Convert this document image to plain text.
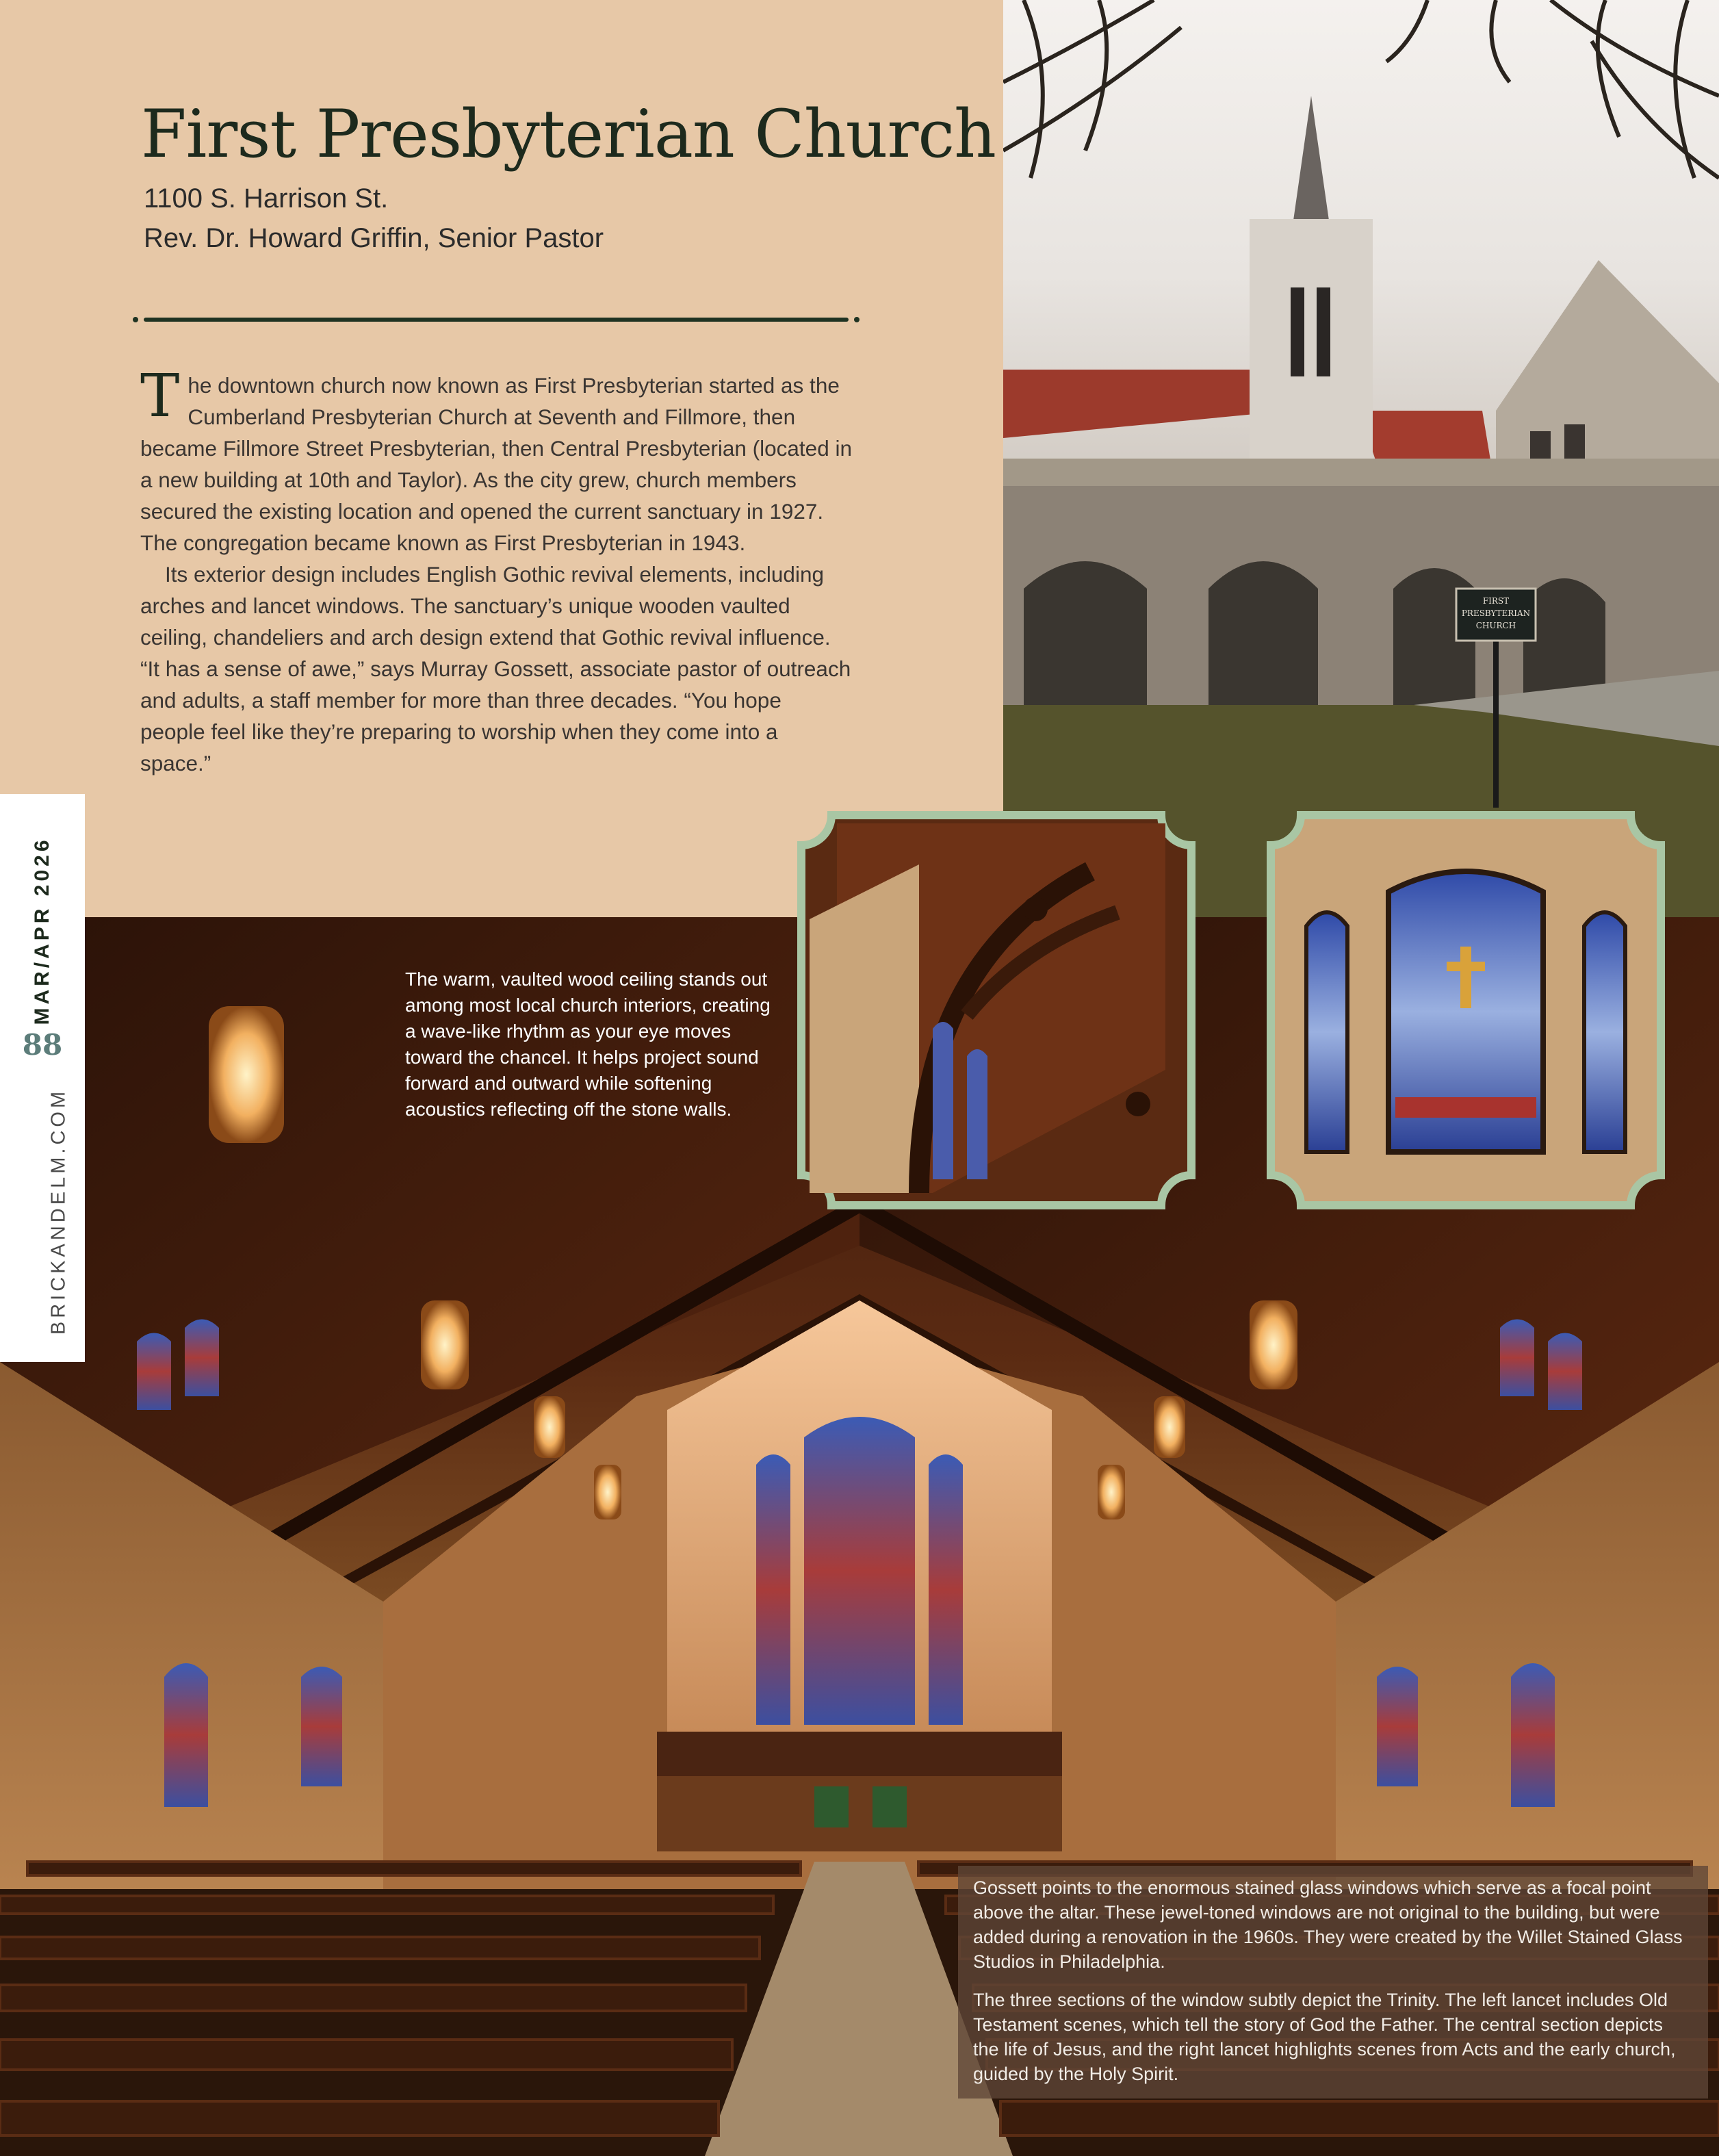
First Presbyterian Church
1100 S. Harrison St.
Rev. Dr. Howard Griffin, Senior Pastor

The downtown church now known as First Presbyterian started as the Cumberland Presbyterian Church at Seventh and Fillmore, then became Fillmore Street Presbyterian, then Central Presbyterian (located in a new building at 10th and Taylor). As the city grew, church members secured the existing location and opened the current sanctuary in 1927. The congregation became known as First Presbyterian in 1943.

Its exterior design includes English Gothic revival elements, including arches and lancet windows. The sanctuary’s unique wooden vaulted ceiling, chandeliers and arch design extend that Gothic revival influence. “It has a sense of awe,” says Murray Gossett, associate pastor of outreach and adults, a staff member for more than three decades. “You hope people feel like they’re preparing to worship when they come into a space.”

FIRST
PRESBYTERIAN
CHURCH
MAR/APR 2026
88
BRICKANDELM.COM
The warm, vaulted wood ceiling stands out among most local church interiors, creating a wave-like rhythm as your eye moves toward the chancel. It helps project sound forward and outward while softening acoustics reflecting off the stone walls.

Gossett points to the enormous stained glass windows which serve as a focal point above the altar. These jewel-toned windows are not original to the building, but were added during a renovation in the 1960s. They were created by the Willet Stained Glass Studios in Philadelphia.

The three sections of the window subtly depict the Trinity. The left lancet includes Old Testament scenes, which tell the story of God the Father. The central section depicts the life of Jesus, and the right lancet highlights scenes from Acts and the early church, guided by the Holy Spirit.
